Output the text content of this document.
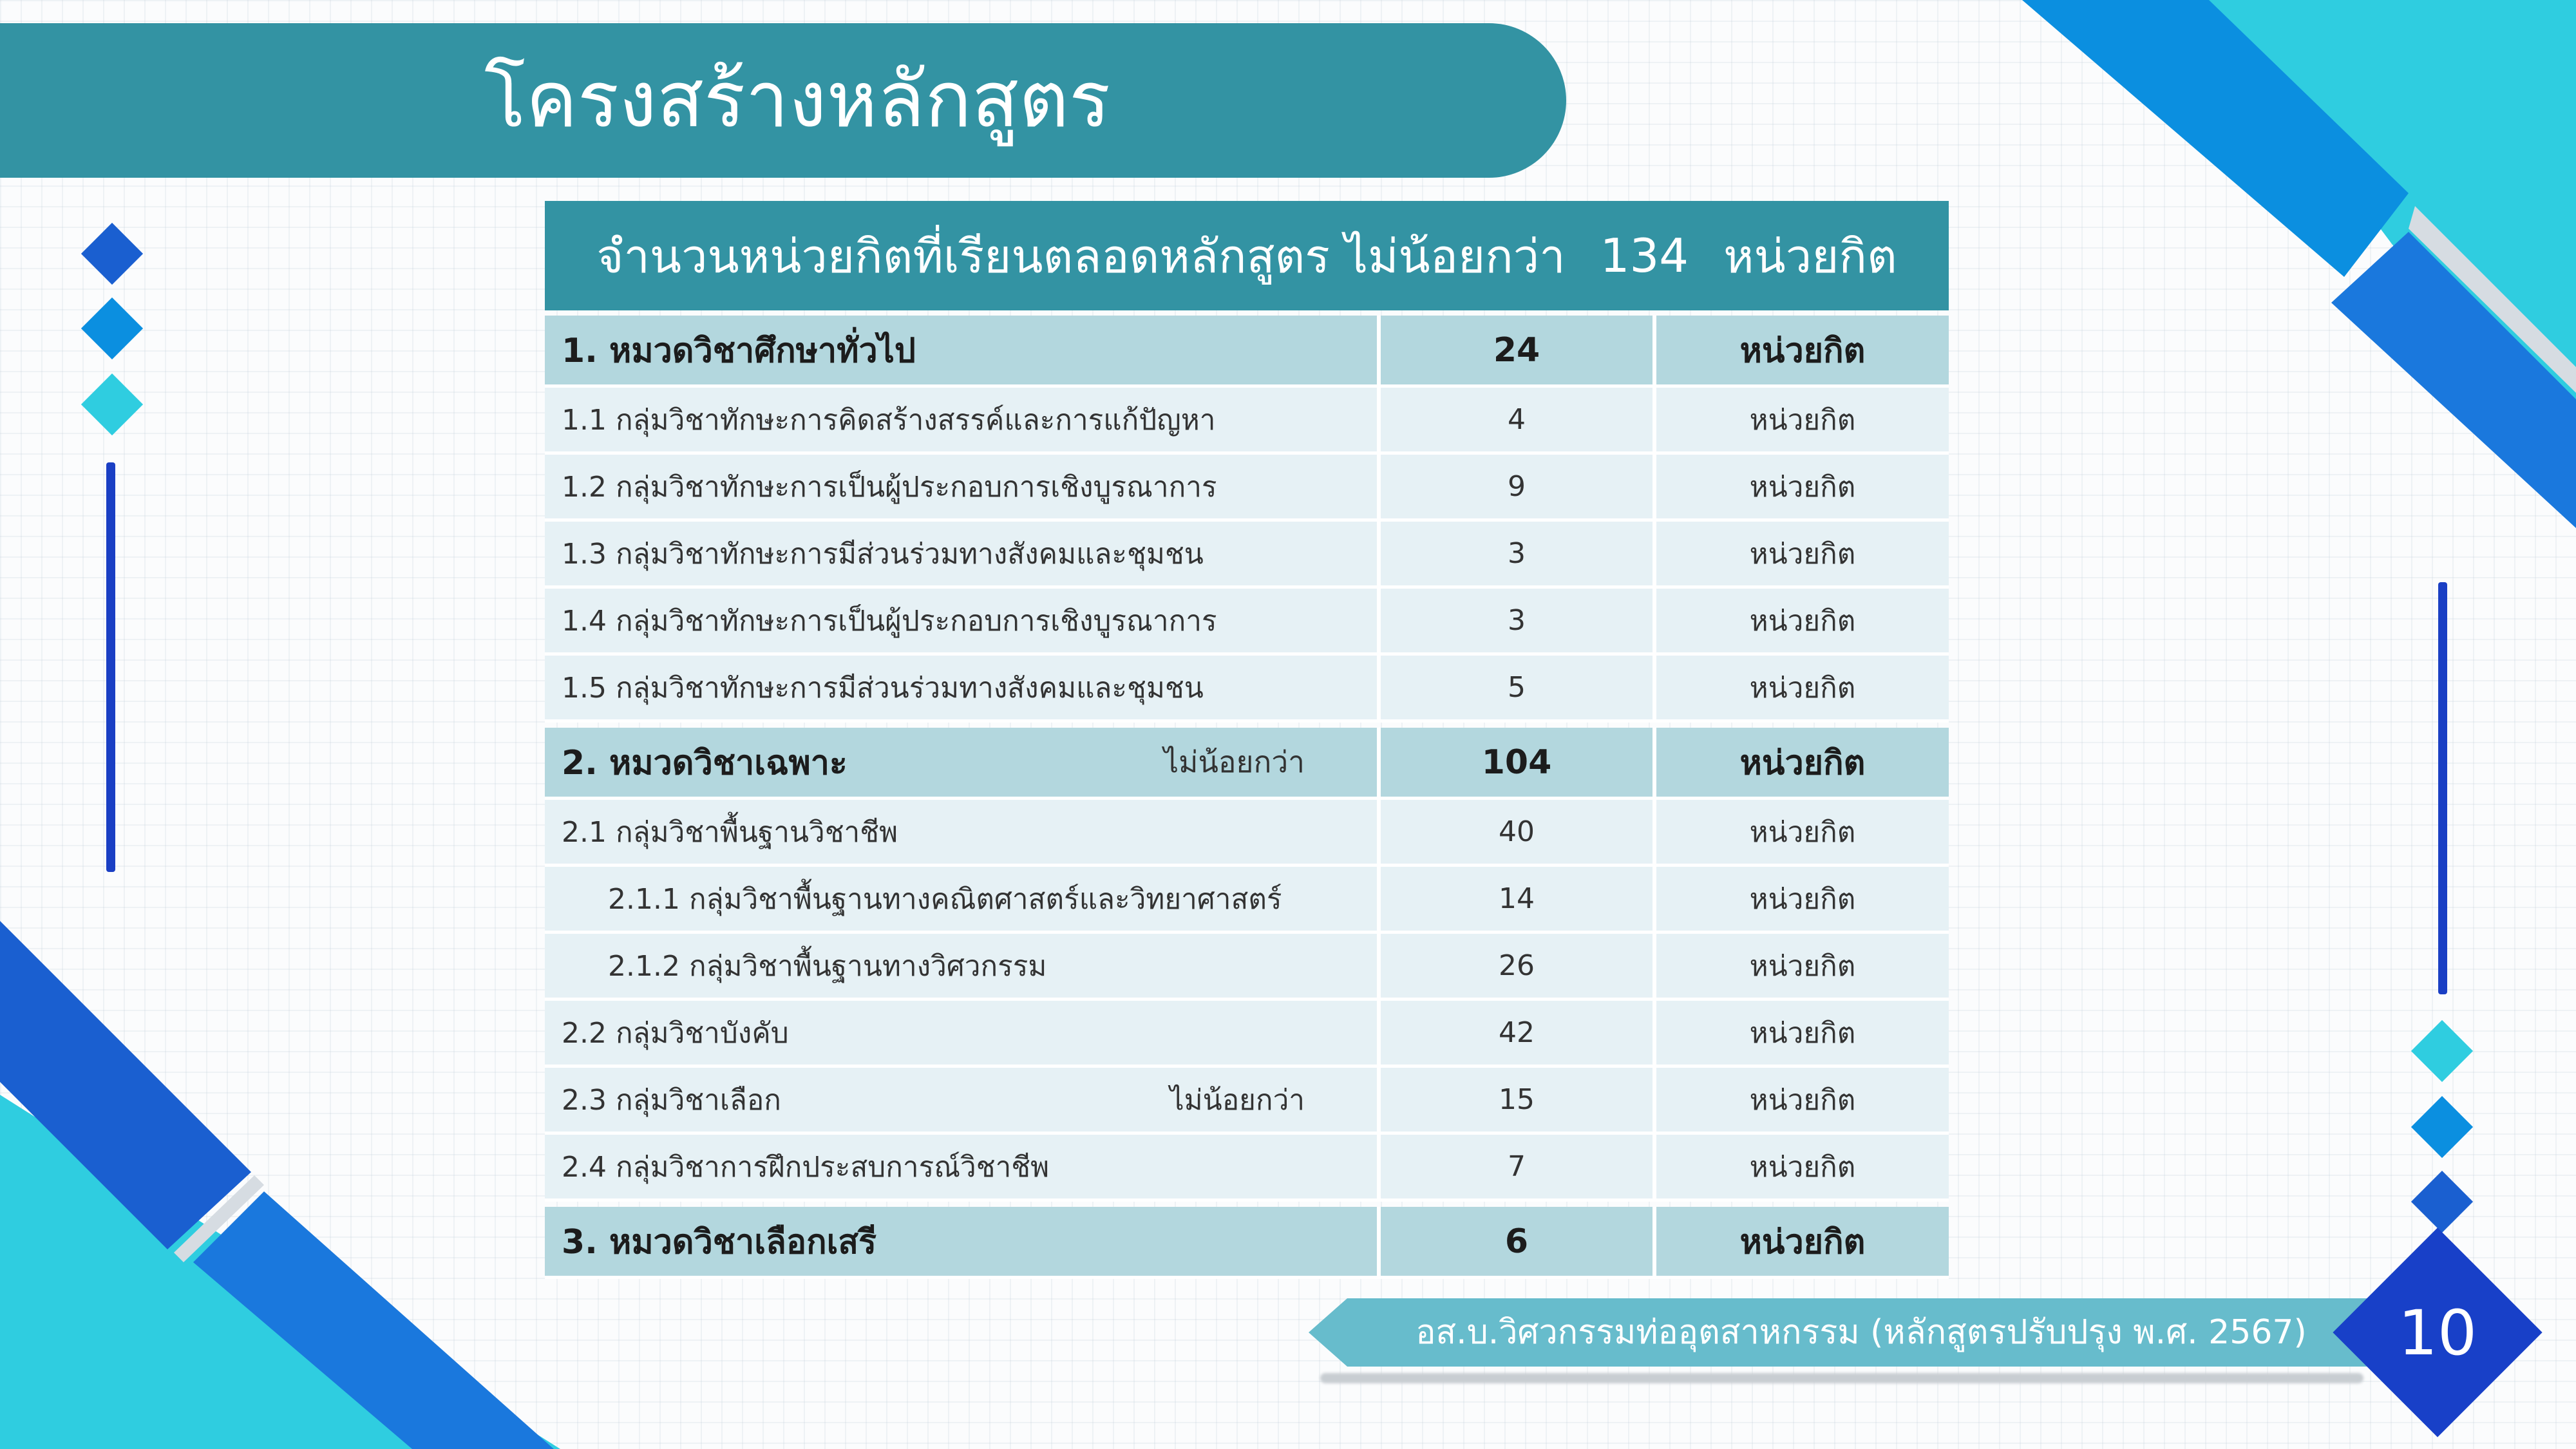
โครงสร้างหลักสูตร
จำนวนหน่วยกิตที่เรียนตลอดหลักสูตร ไม่น้อยกว่า 134 หน่วยกิต
1. หมวดวิชาศึกษาทั่วไป	24	หน่วยกิต
1.1 กลุ่มวิชาทักษะการคิดสร้างสรรค์และการแก้ปัญหา	4	หน่วยกิต
1.2 กลุ่มวิชาทักษะการเป็นผู้ประกอบการเชิงบูรณาการ	9	หน่วยกิต
1.3 กลุ่มวิชาทักษะการมีส่วนร่วมทางสังคมและชุมชน	3	หน่วยกิต
1.4 กลุ่มวิชาทักษะการเป็นผู้ประกอบการเชิงบูรณาการ	3	หน่วยกิต
1.5 กลุ่มวิชาทักษะการมีส่วนร่วมทางสังคมและชุมชน	5	หน่วยกิต
2. หมวดวิชาเฉพาะ	ไม่น้อยกว่า	104	หน่วยกิต
2.1 กลุ่มวิชาพื้นฐานวิชาชีพ	40	หน่วยกิต
2.1.1 กลุ่มวิชาพื้นฐานทางคณิตศาสตร์และวิทยาศาสตร์	14	หน่วยกิต
2.1.2 กลุ่มวิชาพื้นฐานทางวิศวกรรม	26	หน่วยกิต
2.2 กลุ่มวิชาบังคับ	42	หน่วยกิต
2.3 กลุ่มวิชาเลือก	ไม่น้อยกว่า	15	หน่วยกิต
2.4 กลุ่มวิชาการฝึกประสบการณ์วิชาชีพ	7	หน่วยกิต
3. หมวดวิชาเลือกเสรี	6	หน่วยกิต
อส.บ.วิศวกรรมท่ออุตสาหกรรม (หลักสูตรปรับปรุง พ.ศ. 2567)	10
